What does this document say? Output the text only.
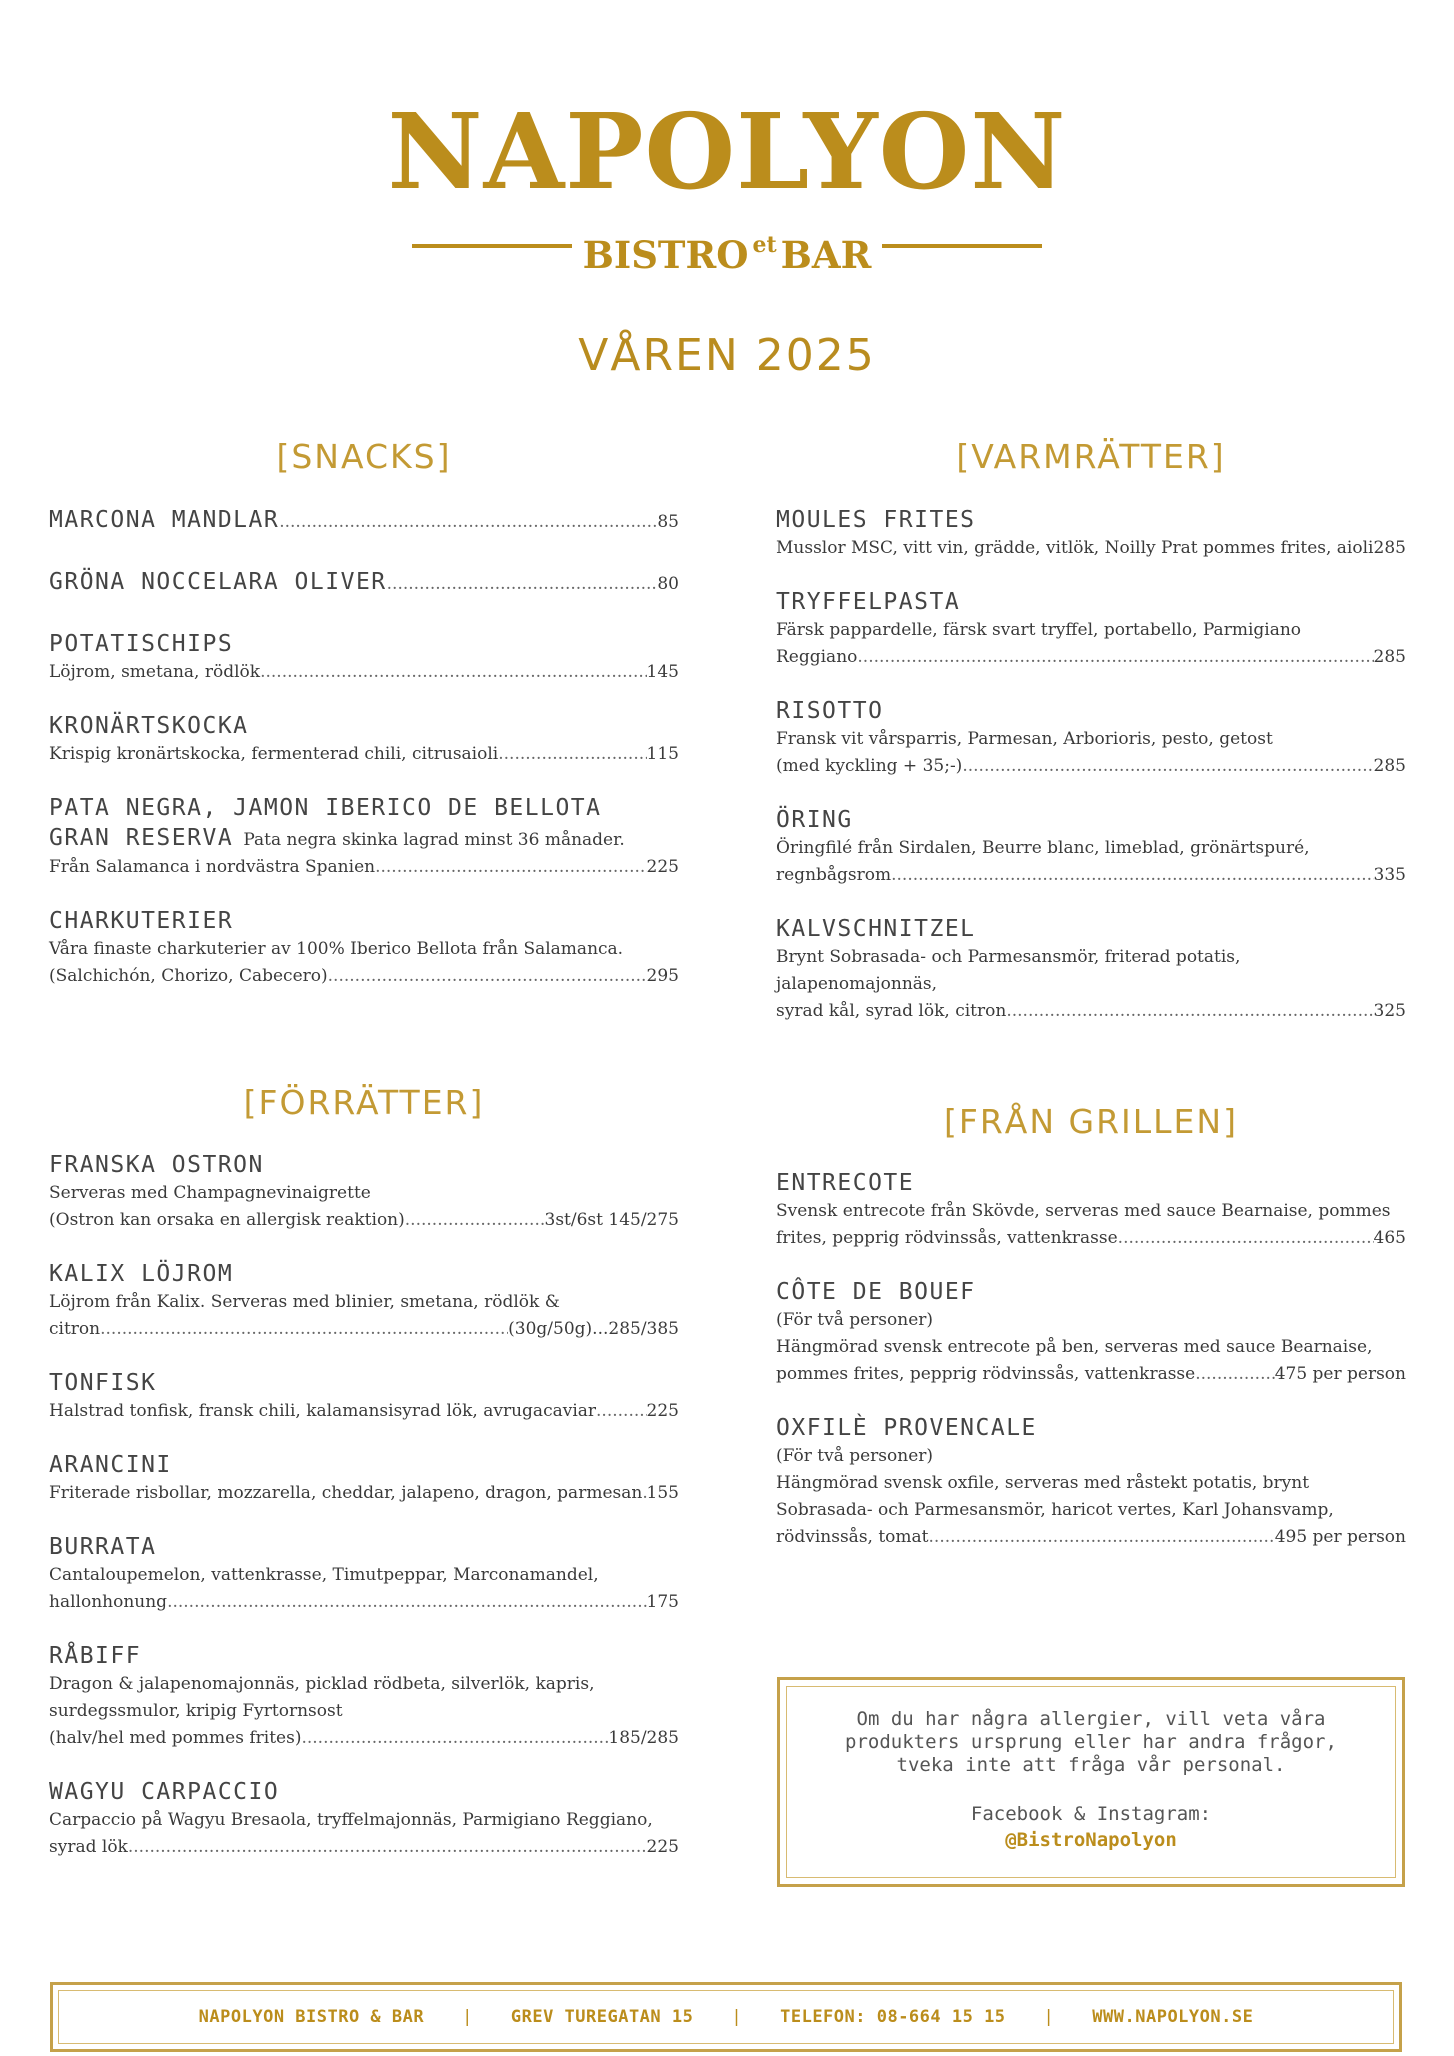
NAPOLYON
BISTRO $^{et}$ BAR
VÅREN 2025
[SNACKS]
MARCONA MANDLAR .....	85
GRÖNA NOCCELARA OLIVER .....	80
POTATISCHIPS
Löjrom, smetana, rödlök .....	145
KRONÄRTSKOCKA
Krispig kronärtskocka, fermenterad chili, citrusaioli .....	115
PATA NEGRA, JAMON IBERICO DE BELLOTA
GRAN RESERVA Pata negra skinka lagrad minst 36 månader.
Från Salamanca i nordvästra Spanien .....	225
CHARKUTERIER
Våra finaste charkuterier av 100% Iberico Bellota från Salamanca.
(Salchichón, Chorizo, Cabecero) .....	295
[VARMRÄTTER]
MOULES FRITES
Musslor MSC, vitt vin, grädde, vitlök, Noilly Prat pommes frites, aioli ..... 285
TRYFFELPASTA
Färsk pappardelle, färsk svart tryffel, portabello, Parmigiano
Reggiano .....	285
RISOTTO
Fransk vit vårsparris, Parmesan, Arborioris, pesto, getost
(med kyckling + 35;-) .....	285
ÖRING
Öringfilé från Sirdalen, Beurre blanc, limeblad, grönärtspuré,
regnbågsrom .....	335
KALVSCHNITZEL
Brynt Sobrasada- och Parmesansmör, friterad potatis, jalapenomajonnäs,
syrad kål, syrad lök, citron .....	325
[FÖRRÄTTER]
FRANSKA OSTRON
Serveras med Champagnevinaigrette
(Ostron kan orsaka en allergisk reaktion) .....	3st/6st 145/275
KALIX LÖJROM
Löjrom från Kalix. Serveras med blinier, smetana, rödlök &
citron .....	(30g/50g)...285/385
TONFISK
Halstrad tonfisk, fransk chili, kalamansisyrad lök, avrugacaviar .....	225
ARANCINI
Friterade risbollar, mozzarella, cheddar, jalapeno, dragon, parmesan ..... 155
BURRATA
Cantaloupemelon, vattenkrasse, Timutpeppar, Marconamandel,
hallonhonung .....	175
RÅBIFF
Dragon & jalapenomajonnäs, picklad rödbeta, silverlök, kapris,
surdegssmulor, kripig Fyrtornsost
(halv/hel med pommes frites) .....	185/285
WAGYU CARPACCIO
Carpaccio på Wagyu Bresaola, tryffelmajonnäs, Parmigiano Reggiano,
syrad lök .....	225
[FRÅN GRILLEN]
ENTRECOTE
Svensk entrecote från Skövde, serveras med sauce Bearnaise, pommes
frites, pepprig rödvinssås, vattenkrasse .....	465
CÔTE DE BOUEF
(För två personer)
Hängmörad svensk entrecote på ben, serveras med sauce Bearnaise,
pommes frites, pepprig rödvinssås, vattenkrasse .....	475 per person
OXFILÈ PROVENCALE
(För två personer)
Hängmörad svensk oxfile, serveras med råstekt potatis, brynt
Sobrasada- och Parmesansmör, haricot vertes, Karl Johansvamp,
rödvinssås, tomat .....	495 per person
Om du har några allergier, vill veta våra produkters ursprung eller har andra frågor, tveka inte att fråga vår personal.
Facebook & Instagram:
@BistroNapolyon
NAPOLYON BISTRO & BAR | GREV TUREGATAN 15 | TELEFON: 08-664 15 15 | WWW.NAPOLYON.SE
